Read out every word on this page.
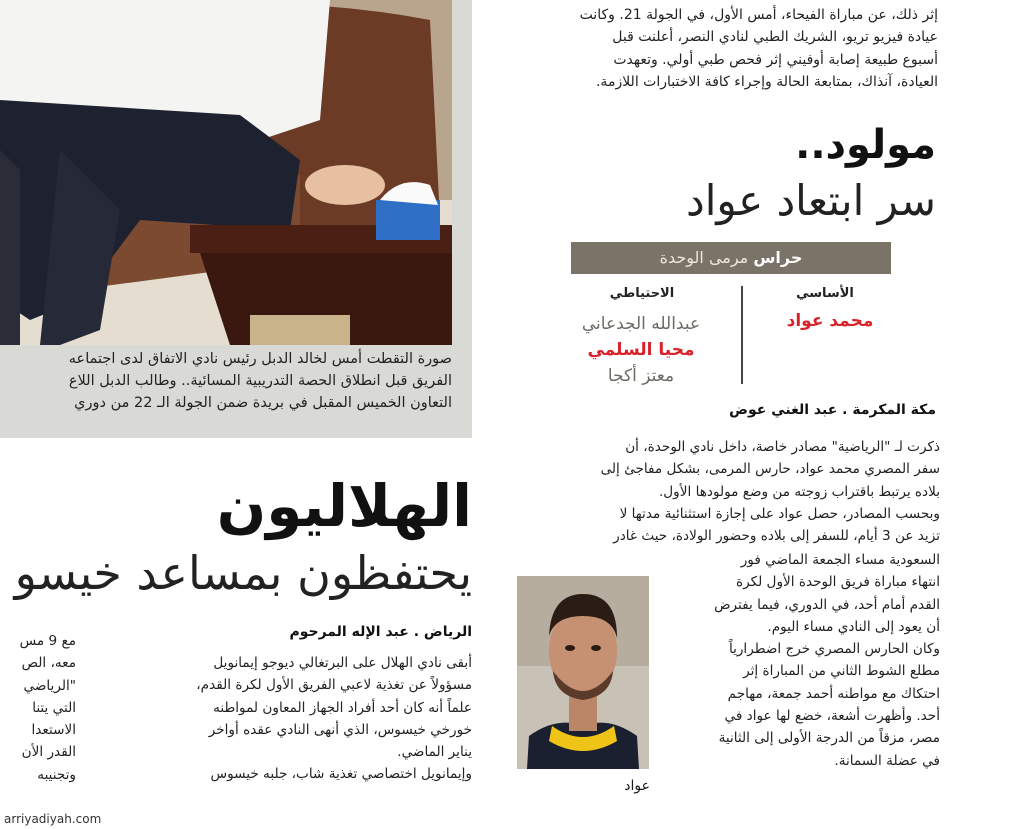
صورة التقطت أمس لخالد الدبل رئيس نادي الاتفاق لدى اجتماعه
الفريق قبل انطلاق الحصة التدريبية المسائية.. وطالب الدبل اللاع
التعاون الخميس المقبل في بريدة ضمن الجولة الـ 22 من دوري
إثر ذلك، عن مباراة الفيحاء، أمس الأول، في الجولة 21. وكانت
عيادة فيزيو تريو، الشريك الطبي لنادي النصر، أعلنت قبل
أسبوع طبيعة إصابة أوفيني إثر فحص طبي أولي. وتعهدت
العيادة، آنذاك، بمتابعة الحالة وإجراء كافة الاختبارات اللازمة.
مولود..
سر ابتعاد عواد
حراس مرمى الوحدة
الأساسي
الاحتياطي
محمد عواد
عبدالله الجدعاني
محيا السلمي
معتز أكجا
مكة المكرمة . عبد الغني عوض
ذكرت لـ "الرياضية" مصادر خاصة، داخل نادي الوحدة، أن
سفر المصري محمد عواد، حارس المرمى، بشكل مفاجئ إلى
بلاده يرتبط باقتراب زوجته من وضع مولودها الأول.
وبحسب المصادر، حصل عواد على إجازة استثنائية مدتها لا
تزيد عن 3 أيام، للسفر إلى بلاده وحضور الولادة، حيث غادر
السعودية مساء الجمعة الماضي فور
انتهاء مباراة فريق الوحدة الأول لكرة
القدم أمام أحد، في الدوري، فيما يفترض
أن يعود إلى النادي مساء اليوم.
وكان الحارس المصري خرج اضطرارياً
مطلع الشوط الثاني من المباراة إثر
احتكاك مع مواطنه أحمد جمعة، مهاجم
أحد. وأظهرت أشعة، خضع لها عواد في
مصر، مزقاً من الدرجة الأولى إلى الثانية
في عضلة السمانة.
عواد
الهلاليون
يحتفظون بمساعد خيسو
الرياض . عبد الإله المرحوم
أبقى نادي الهلال على البرتغالي ديوجو إيمانويل
مسؤولاً عن تغذية لاعبي الفريق الأول لكرة القدم،
علماً أنه كان أحد أفراد الجهاز المعاون لمواطنه
خورخي خيسوس، الذي أنهى النادي عقده أواخر
يناير الماضي.
وإيمانويل اختصاصي تغذية شاب، جلبه خيسوس
مع 9 مس
معه، الص
"الرياضي
التي يتنا
الاستعدا
القدر الأن
وتجنيبه
arriyadiyah.com
